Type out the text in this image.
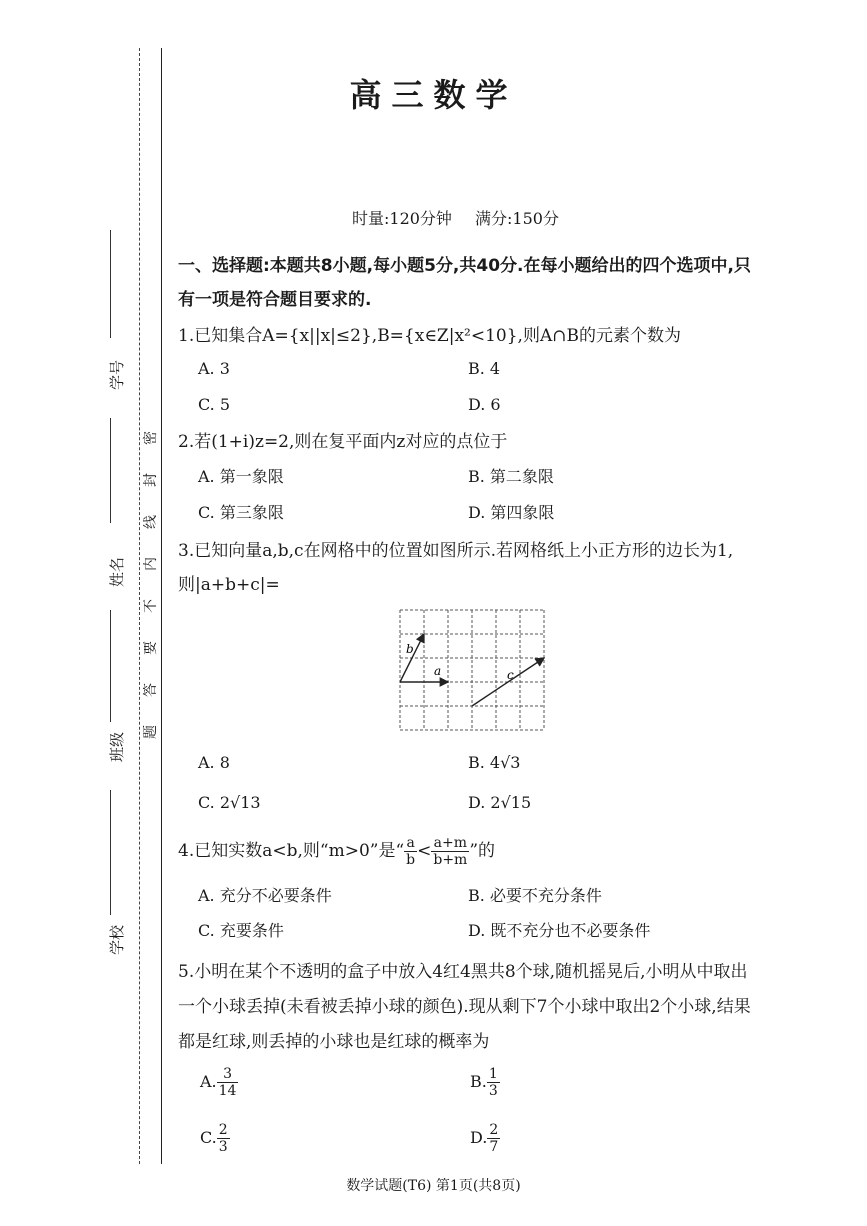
学号
姓名
班级
学校
密
封
线
内
不
要
答
题
高三数学
时量:120分钟 满分:150分
一、选择题:本题共8小题,每小题5分,共40分.在每小题给出的四个选项中,只有一项是符合题目要求的.
1.已知集合A={x||x|≤2},B={x∈Z|x²<10},则A∩B的元素个数为
A. 3	B. 4
C. 5	D. 6
2.若(1+i)z=2,则在复平面内z对应的点位于
A. 第一象限	B. 第二象限
C. 第三象限	D. 第四象限
3.已知向量a,b,c在网格中的位置如图所示.若网格纸上小正方形的边长为1,则|a+b+c|=
b
a	c
A. 8	B. 4√3
C. 2√13	D. 2√15
4.已知实数a<b,则“m>0”是“ $\frac{a}{b} < \frac{a+m}{b+m}$ ”的
A. 充分不必要条件	B. 必要不充分条件
C. 充要条件	D. 既不充分也不必要条件
5.小明在某个不透明的盒子中放入4红4黑共8个球,随机摇晃后,小明从中取出一个小球丢掉(未看被丢掉小球的颜色).现从剩下7个小球中取出2个小球,结果都是红球,则丢掉的小球也是红球的概率为
A. $\frac{3}{14}$	B. $\frac{1}{3}$
C. $\frac{2}{3}$	D. $\frac{2}{7}$
数学试题(T6) 第1页(共8页)
